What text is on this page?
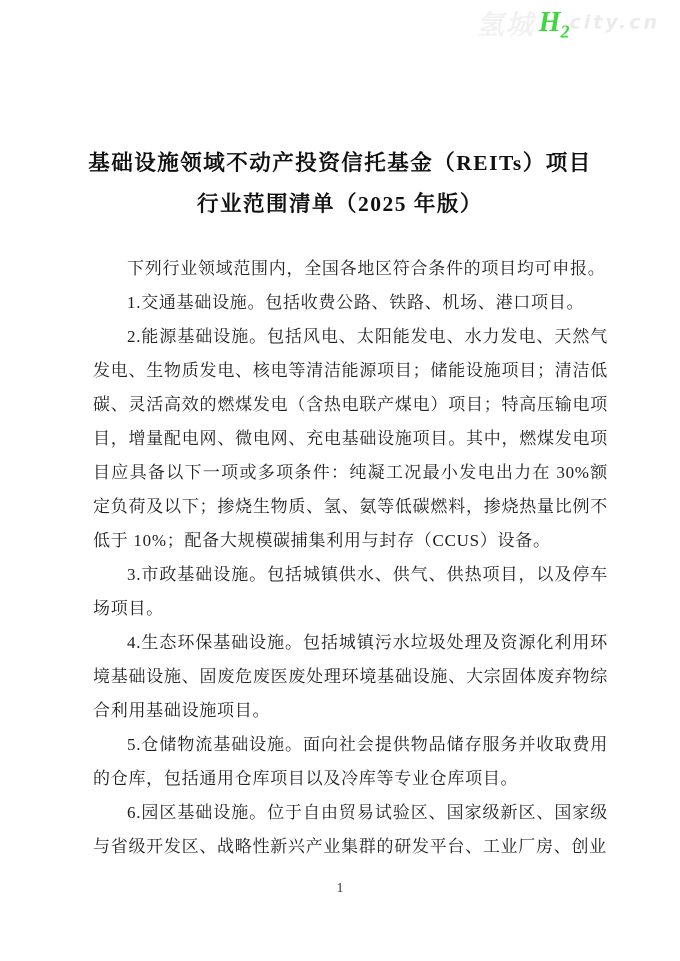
氢城 $H_2city.cn$
基础设施领域不动产投资信托基金（REITs）项目
行业范围清单（2025 年版）

下列行业领域范围内，全国各地区符合条件的项目均可申报。

1.交通基础设施。包括收费公路、铁路、机场、港口项目。

2.能源基础设施。包括风电、太阳能发电、水力发电、天然气发电、生物质发电、核电等清洁能源项目；储能设施项目；清洁低碳、灵活高效的燃煤发电（含热电联产煤电）项目；特高压输电项目，增量配电网、微电网、充电基础设施项目。其中，燃煤发电项目应具备以下一项或多项条件：纯凝工况最小发电出力在 30%额定负荷及以下；掺烧生物质、氢、氨等低碳燃料，掺烧热量比例不低于 10%；配备大规模碳捕集利用与封存（CCUS）设备。

3.市政基础设施。包括城镇供水、供气、供热项目，以及停车场项目。

4.生态环保基础设施。包括城镇污水垃圾处理及资源化利用环境基础设施、固废危废医废处理环境基础设施、大宗固体废弃物综合利用基础设施项目。

5.仓储物流基础设施。面向社会提供物品储存服务并收取费用的仓库，包括通用仓库项目以及冷库等专业仓库项目。

6.园区基础设施。位于自由贸易试验区、国家级新区、国家级与省级开发区、战略性新兴产业集群的研发平台、工业厂房、创业

1
